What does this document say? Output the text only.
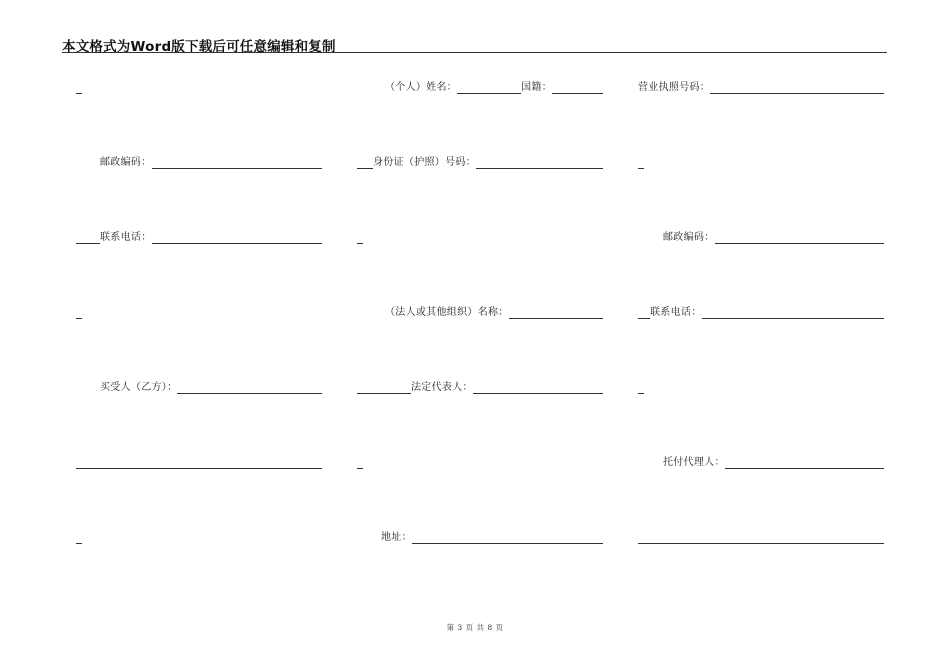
本文格式为Word版下载后可任意编辑和复制
邮政编码：
联系电话：
买受人（乙方）：
（个人）姓名：	国籍：
身份证（护照）号码：
（法人或其他组织）名称：
法定代表人：
地址：
营业执照号码：
邮政编码：
联系电话：
托付代理人：
第 3 页 共 8 页
